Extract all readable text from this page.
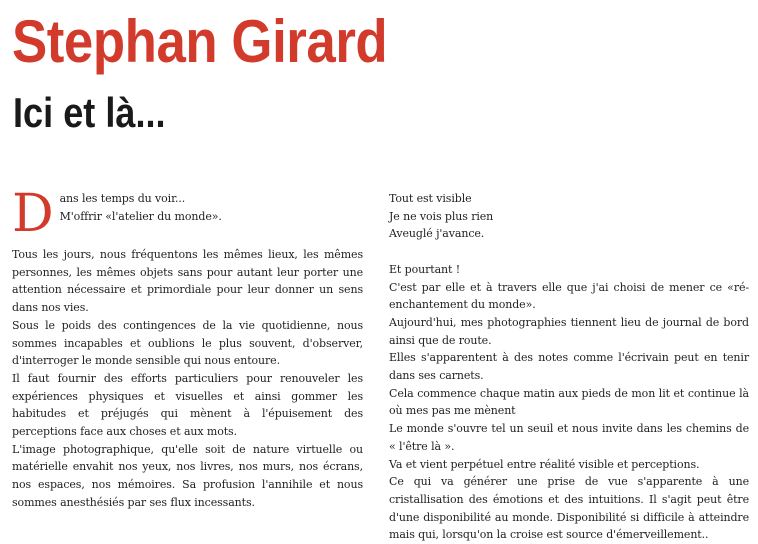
Stephan Girard
Ici et là...
D ans les temps du voir...

M'offrir «l'atelier du monde».

Tous les jours, nous fréquentons les mêmes lieux, les mêmes personnes, les mêmes objets sans pour autant leur porter une attention nécessaire et primordiale pour leur donner un sens dans nos vies.

Sous le poids des contingences de la vie quotidienne, nous sommes incapables et oublions le plus souvent, d'observer, d'interroger le monde sensible qui nous entoure.

Il faut fournir des efforts particuliers pour renouveler les expériences physiques et visuelles et ainsi gommer les habitudes et préjugés qui mènent à l'épuisement des perceptions face aux choses et aux mots.

L'image photographique, qu'elle soit de nature virtuelle ou matérielle envahit nos yeux, nos livres, nos murs, nos écrans, nos espaces, nos mémoires. Sa profusion l'annihile et nous sommes anesthésiés par ses flux incessants.

Tout est visible

Je ne vois plus rien

Aveuglé j'avance.

Et pourtant !

C'est par elle et à travers elle que j'ai choisi de mener ce «ré-enchantement du monde».

Aujourd'hui, mes photographies tiennent lieu de journal de bord ainsi que de route.

Elles s'apparentent à des notes comme l'écrivain peut en tenir dans ses carnets.

Cela commence chaque matin aux pieds de mon lit et continue là où mes pas me mènent

Le monde s'ouvre tel un seuil et nous invite dans les chemins de « l'être là ».

Va et vient perpétuel entre réalité visible et perceptions.

Ce qui va générer une prise de vue s'apparente à une cristallisation des émotions et des intuitions. Il s'agit peut être d'une disponibilité au monde. Disponibilité si difficile à atteindre mais qui, lorsqu'on la croise est source d'émerveillement..
